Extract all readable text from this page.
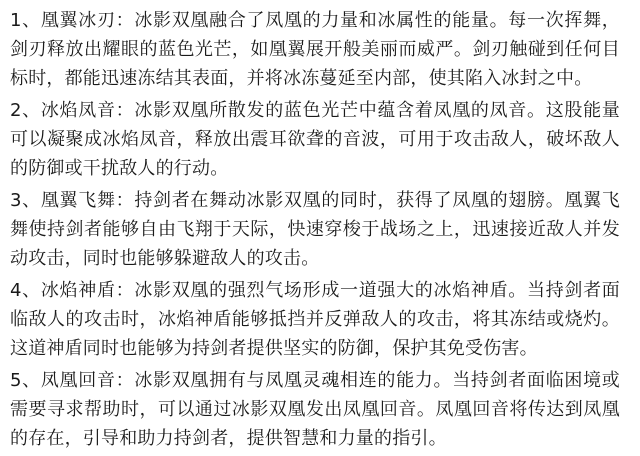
1、凰翼冰刃：冰影双凰融合了凤凰的力量和冰属性的能量。每一次挥舞，剑刃释放出耀眼的蓝色光芒，如凰翼展开般美丽而威严。剑刃触碰到任何目标时，都能迅速冻结其表面，并将冰冻蔓延至内部，使其陷入冰封之中。

2、冰焰凤音：冰影双凰所散发的蓝色光芒中蕴含着凤凰的凤音。这股能量可以凝聚成冰焰凤音，释放出震耳欲聋的音波，可用于攻击敌人，破坏敌人的防御或干扰敌人的行动。

3、凰翼飞舞：持剑者在舞动冰影双凰的同时，获得了凤凰的翅膀。凰翼飞舞使持剑者能够自由飞翔于天际，快速穿梭于战场之上，迅速接近敌人并发动攻击，同时也能够躲避敌人的攻击。

4、冰焰神盾：冰影双凰的强烈气场形成一道强大的冰焰神盾。当持剑者面临敌人的攻击时，冰焰神盾能够抵挡并反弹敌人的攻击，将其冻结或烧灼。这道神盾同时也能够为持剑者提供坚实的防御，保护其免受伤害。

5、凤凰回音：冰影双凰拥有与凤凰灵魂相连的能力。当持剑者面临困境或需要寻求帮助时，可以通过冰影双凰发出凤凰回音。凤凰回音将传达到凤凰的存在，引导和助力持剑者，提供智慧和力量的指引。
